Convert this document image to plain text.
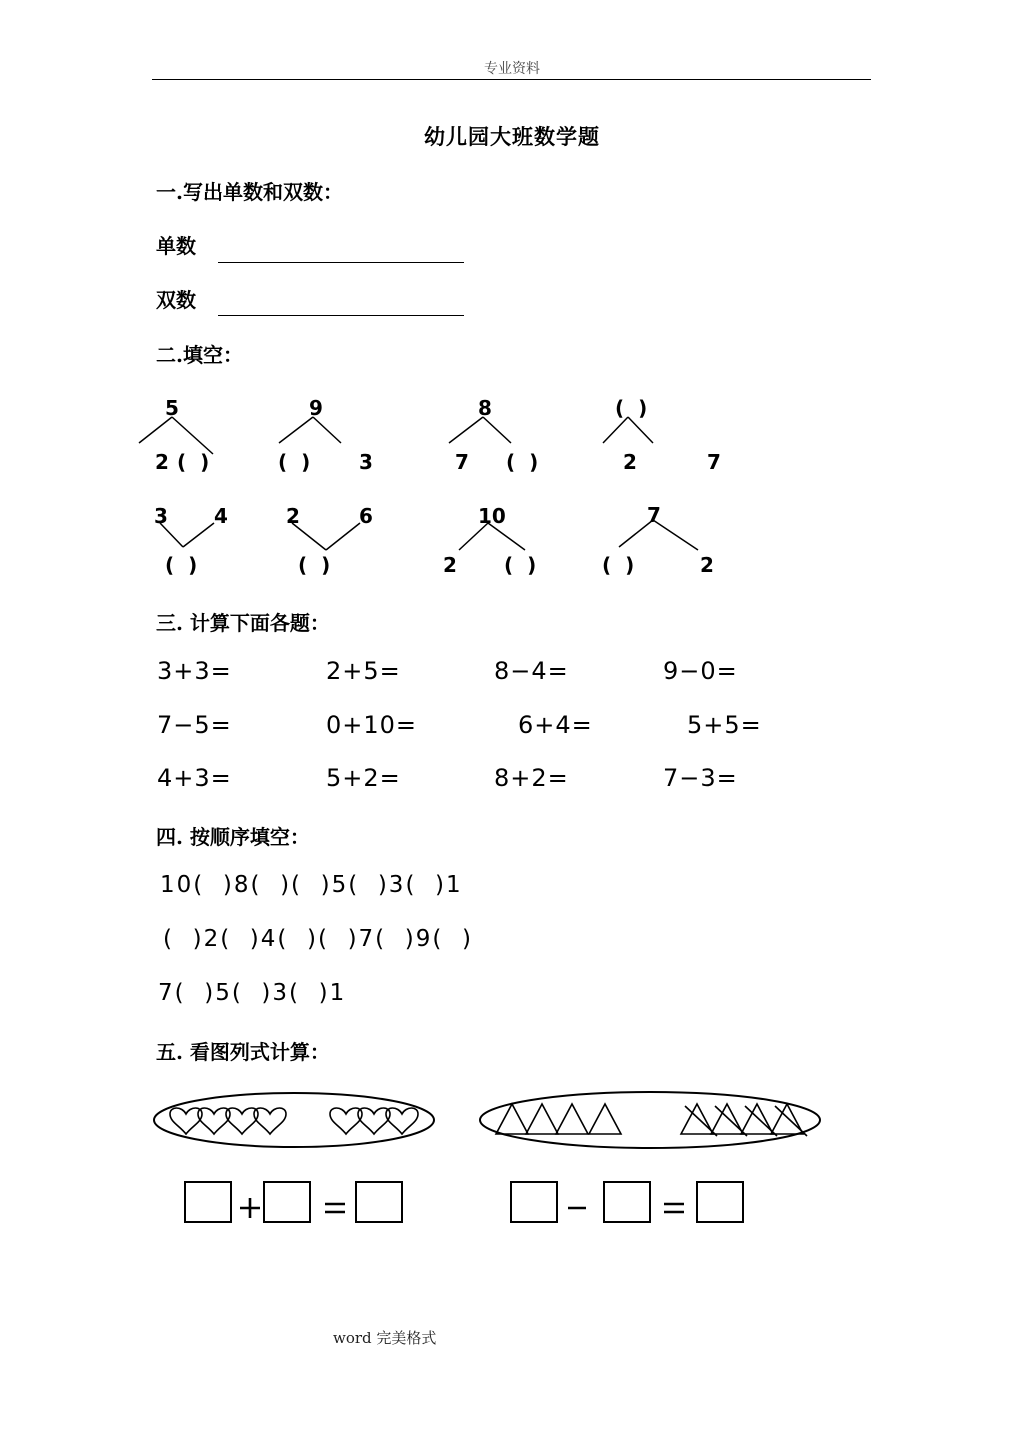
专业资料
幼儿园大班数学题
一.写出单数和双数：
单数
双数
二.填空：
5
2 (  )
9
(  ) 3
8
7 (  )
(  )
2	7
3 4
(  )
2	6
(  )
10
2 (  )
7
(  )	2
三. 计算下面各题：
3+3=	2+5=	8−4=	9−0=
7−5=	0+10=	6+4=	5+5=
4+3=	5+2=	8+2=	7−3=
四. 按顺序填空：
10(  )8(  )(  )5(  )3(  )1
(  )2(  )4(  )(  )7(  )9(  )
7(  )5(  )3(  )1
五. 看图列式计算：
word 完美格式
